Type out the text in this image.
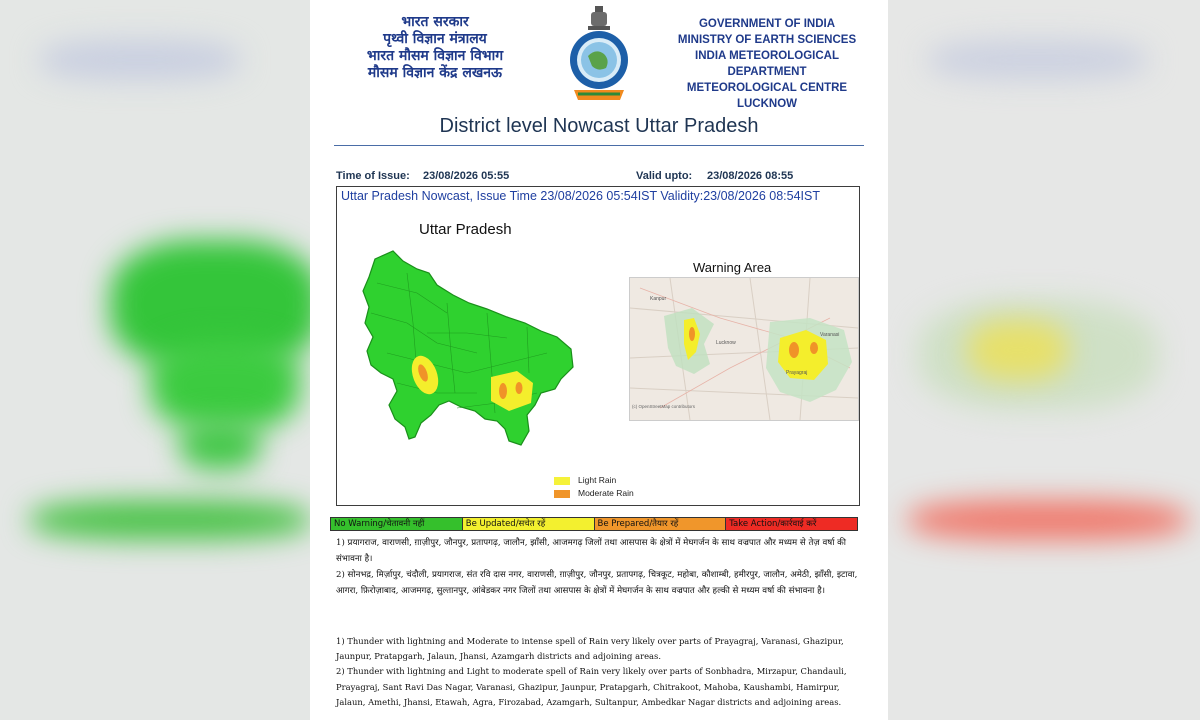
भारत सरकार
पृथ्वी विज्ञान मंत्रालय
भारत मौसम विज्ञान विभाग
मौसम विज्ञान केंद्र लखनऊ
GOVERNMENT OF INDIA
MINISTRY OF EARTH SCIENCES
INDIA METEOROLOGICAL DEPARTMENT
METEOROLOGICAL CENTRE LUCKNOW
District level Nowcast Uttar Pradesh
Time of Issue: 23/08/2026 05:55	Valid upto: 23/08/2026 08:55
Uttar Pradesh Nowcast, Issue Time 23/08/2026 05:54IST Validity:23/08/2026 08:54IST
Uttar Pradesh
Warning Area
Kanpur
Lucknow
Prayagraj
Varanasi
(c) OpenStreetMap contributors
Light Rain
Moderate Rain
No Warning/चेतावनी नहीं	Be Updated/सचेत रहें	Be Prepared/तैयार रहें	Take Action/कार्रवाई करें

1) प्रयागराज, वाराणसी, ग़ाज़ीपुर, जौनपुर, प्रतापगढ़, जालौन, झाँसी, आजमगढ़ जिलों तथा आसपास के क्षेत्रों में मेघगर्जन के साथ वज्रपात और मध्यम से तेज़ वर्षा की संभावना है।

2) सोनभद्र, मिर्ज़ापुर, चंदौली, प्रयागराज, संत रवि दास नगर, वाराणसी, ग़ाज़ीपुर, जौनपुर, प्रतापगढ़, चित्रकूट, महोबा, कौशाम्बी, हमीरपुर, जालौन, अमेठी, झाँसी, इटावा, आगरा, फ़िरोज़ाबाद, आजमगढ़, सुल्तानपुर, आंबेडकर नगर जिलों तथा आसपास के क्षेत्रों में मेघगर्जन के साथ वज्रपात और हल्की से मध्यम वर्षा की संभावना है।

1) Thunder with lightning and Moderate to intense spell of Rain very likely over parts of Prayagraj, Varanasi, Ghazipur, Jaunpur, Pratapgarh, Jalaun, Jhansi, Azamgarh districts and adjoining areas.

2) Thunder with lightning and Light to moderate spell of Rain very likely over parts of Sonbhadra, Mirzapur, Chandauli, Prayagraj, Sant Ravi Das Nagar, Varanasi, Ghazipur, Jaunpur, Pratapgarh, Chitrakoot, Mahoba, Kaushambi, Hamirpur, Jalaun, Amethi, Jhansi, Etawah, Agra, Firozabad, Azamgarh, Sultanpur, Ambedkar Nagar districts and adjoining areas.
